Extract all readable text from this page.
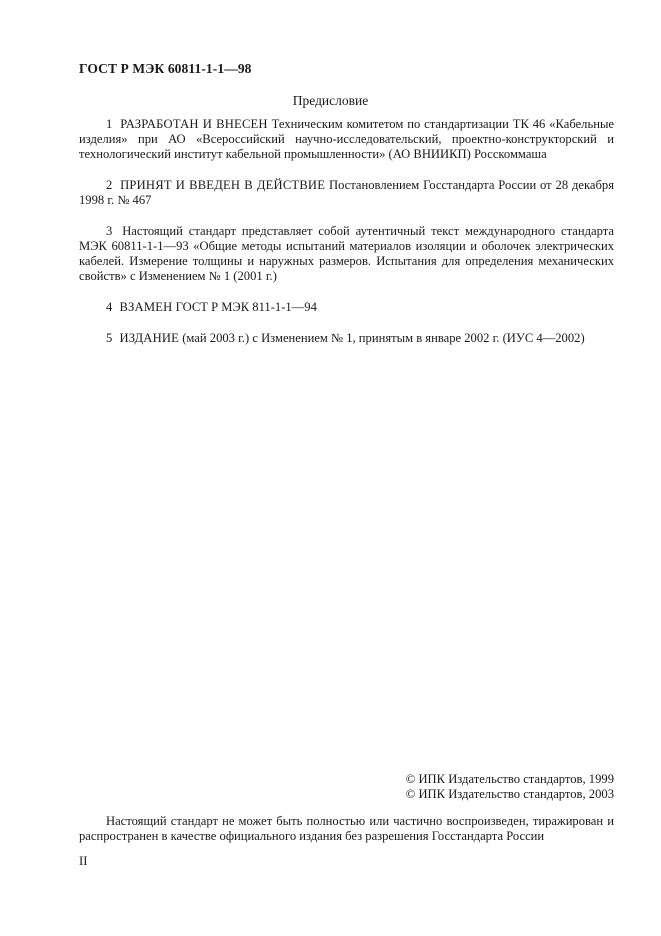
ГОСТ Р МЭК 60811-1-1—98
Предисловие

1 РАЗРАБОТАН И ВНЕСЕН Техническим комитетом по стандартизации ТК 46 «Кабельные изделия» при АО «Всероссийский научно-исследовательский, проектно-конструкторский и технологический институт кабельной промышленности» (АО ВНИИКП) Росскоммаша

2 ПРИНЯТ И ВВЕДЕН В ДЕЙСТВИЕ Постановлением Госстандарта России от 28 декабря 1998 г. № 467

3 Настоящий стандарт представляет собой аутентичный текст международного стандарта МЭК 60811-1-1—93 «Общие методы испытаний материалов изоляции и оболочек электрических кабелей. Измерение толщины и наружных размеров. Испытания для определения механических свойств» с Изменением № 1 (2001 г.)

4 ВЗАМЕН ГОСТ Р МЭК 811-1-1—94

5 ИЗДАНИЕ (май 2003 г.) с Изменением № 1, принятым в январе 2002 г. (ИУС 4—2002)

© ИПК Издательство стандартов, 1999
© ИПК Издательство стандартов, 2003
Настоящий стандарт не может быть полностью или частично воспроизведен, тиражирован и распространен в качестве официального издания без разрешения Госстандарта России
II
